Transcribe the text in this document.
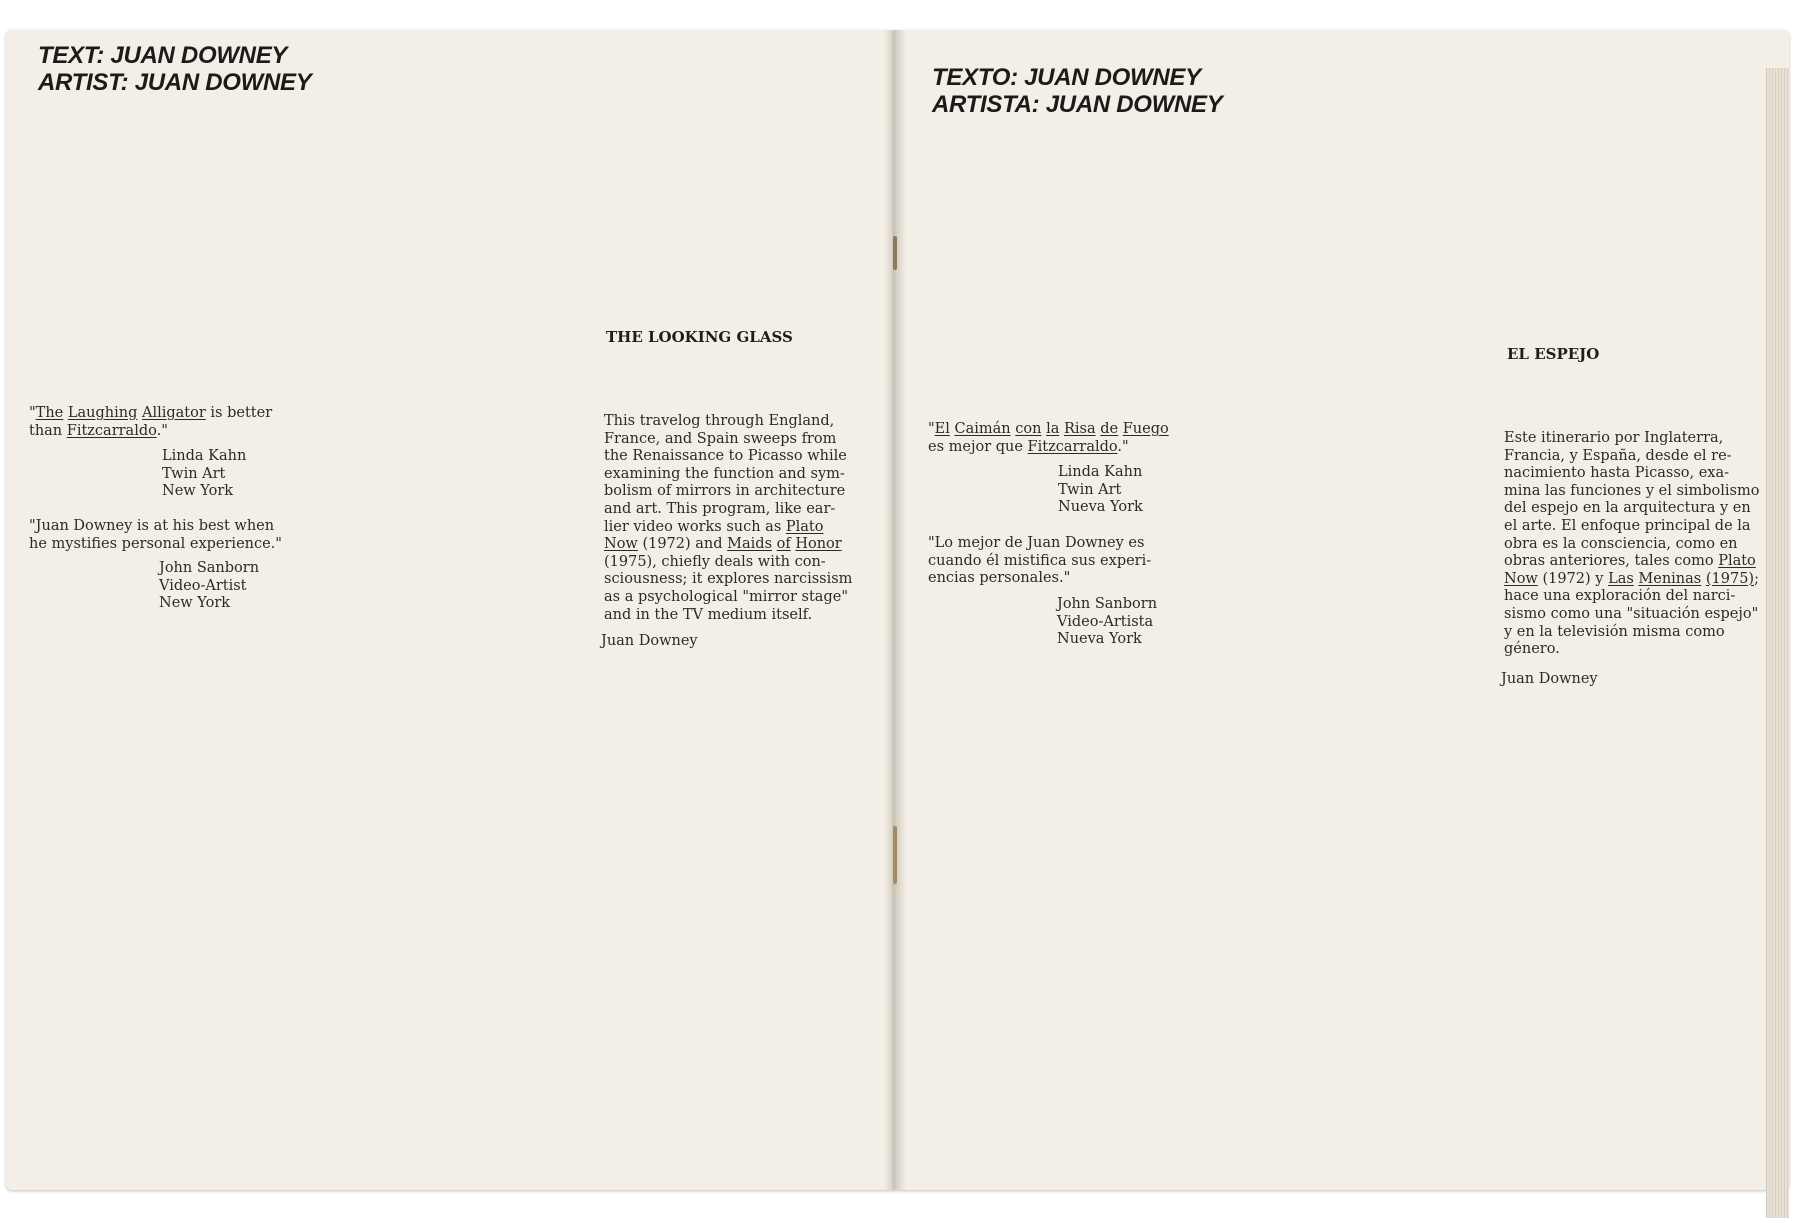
TEXT: JUAN DOWNEY
ARTIST: JUAN DOWNEY
"The Laughing Alligator is better
than Fitzcarraldo."
Linda Kahn
Twin Art
New York
"Juan Downey is at his best when
he mystifies personal experience."
John Sanborn
Video-Artist
New York
THE LOOKING GLASS
This travelog through England,
France, and Spain sweeps from
the Renaissance to Picasso while
examining the function and sym-
bolism of mirrors in architecture
and art. This program, like ear-
lier video works such as Plato
Now (1972) and Maids of Honor
(1975), chiefly deals with con-
sciousness; it explores narcissism
as a psychological "mirror stage"
and in the TV medium itself.
Juan Downey
TEXTO: JUAN DOWNEY
ARTISTA: JUAN DOWNEY
"El Caimán con la Risa de Fuego
es mejor que Fitzcarraldo."
Linda Kahn
Twin Art
Nueva York
"Lo mejor de Juan Downey es
cuando él mistifica sus experi-
encias personales."
John Sanborn
Video-Artista
Nueva York
EL ESPEJO
Este itinerario por Inglaterra,
Francia, y España, desde el re-
nacimiento hasta Picasso, exa-
mina las funciones y el simbolismo
del espejo en la arquitectura y en
el arte. El enfoque principal de la
obra es la consciencia, como en
obras anteriores, tales como Plato
Now (1972) y Las Meninas (1975);
hace una exploración del narci-
sismo como una "situación espejo"
y en la televisión misma como
género.
Juan Downey
